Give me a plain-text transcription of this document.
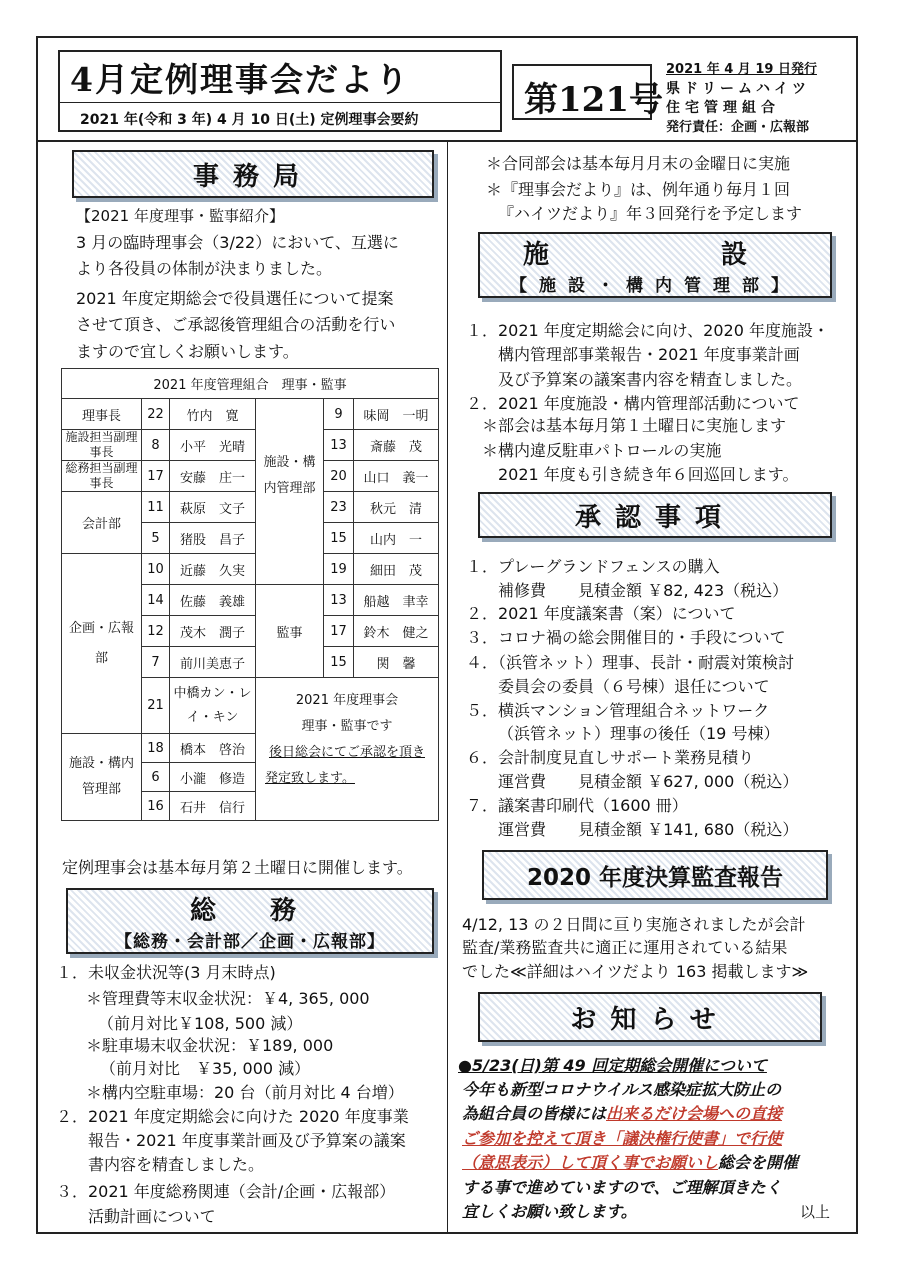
4月定例理事会だより
2021 年(令和 3 年) 4 月 10 日(土) 定例理事会要約	第121号
2021 年 4 月 19 日発行
県ドリームハイツ
住宅管理組合
発行責任：企画・広報部
事務局
【2021 年度理事・監事紹介】
3 月の臨時理事会（3/22）において、互選に
より各役員の体制が決まりました。
2021 年度定期総会で役員選任について提案
させて頂き、ご承認後管理組合の活動を行い
ますので宜しくお願いします。
2021 年度管理組合　理事・監事					
理事長	22	竹内　寛	施設・構内管理部	9	味岡　一明
施設担当副理事長	8	小平　光晴		13	斎藤　茂
総務担当副理事長	17	安藤　庄一		20	山口　義一
会計部	11	萩原　文子		23	秋元　清
	5	猪股　昌子		15	山内　一
企画・広報部	10	近藤　久実		19	細田　茂
	14	佐藤　義雄	監事	13	船越　聿幸
	12	茂木　潤子		17	鈴木　健之
	7	前川美恵子		15	関　馨
	21	中橋カン・レイ・キン	2021 年度理事会
理事・監事です
後日総会にてご承認を頂き
発定致します。		

施設・構内管理部	18	橋本　啓治			
	6	小瀧　修造			
	16	石井　信行			
定例理事会は基本毎月第２土曜日に開催します。
総　務
【総務・会計部／企画・広報部】
１．未収金状況等(3 月末時点)
＊管理費等末収金状況：￥4, 365, 000
（前月対比￥108, 500 減）
＊駐車場末収金状況：￥189, 000
（前月対比　￥35, 000 減）
＊構内空駐車場：20 台（前月対比 4 台増）
２．2021 年度定期総会に向けた 2020 年度事業
報告・2021 年度事業計画及び予算案の議案
書内容を精査しました。
３．2021 年度総務関連（会計/企画・広報部）
活動計画について
＊合同部会は基本毎月月末の金曜日に実施
＊『理事会だより』は、例年通り毎月１回
『ハイツだより』年３回発行を予定します
施　　設
【施設・構内管理部】
１．2021 年度定期総会に向け、2020 年度施設・
構内管理部事業報告・2021 年度事業計画
及び予算案の議案書内容を精査しました。
２．2021 年度施設・構内管理部活動について
＊部会は基本毎月第１土曜日に実施します
＊構内違反駐車パトロールの実施
2021 年度も引き続き年６回巡回します。
承認事項
１．プレーグランドフェンスの購入
補修費　　見積金額 ￥82, 423（税込）
２．2021 年度議案書（案）について
３．コロナ禍の総会開催目的・手段について
４．（浜管ネット）理事、長計・耐震対策検討
委員会の委員（６号棟）退任について
５．横浜マンション管理組合ネットワーク
（浜管ネット）理事の後任（19 号棟）
６．会計制度見直しサポート業務見積り
運営費　　見積金額 ￥627, 000（税込）
７．議案書印刷代（1600 冊）
運営費　　見積金額 ￥141, 680（税込）
2020 年度決算監査報告
4/12, 13 の２日間に亘り実施されましたが会計
監査/業務監査共に適正に運用されている結果
でした≪詳細はハイツだより 163 掲載します≫
お知らせ
●5/23(日)第 49 回定期総会開催について
今年も新型コロナウイルス感染症拡大防止の
為組合員の皆様には出来るだけ会場への直接
ご参加を控えて頂き「議決権行使書」で行使
（意思表示）して頂く事でお願いし総会を開催
する事で進めていますので、ご理解頂きたく
宜しくお願い致します。	以上
